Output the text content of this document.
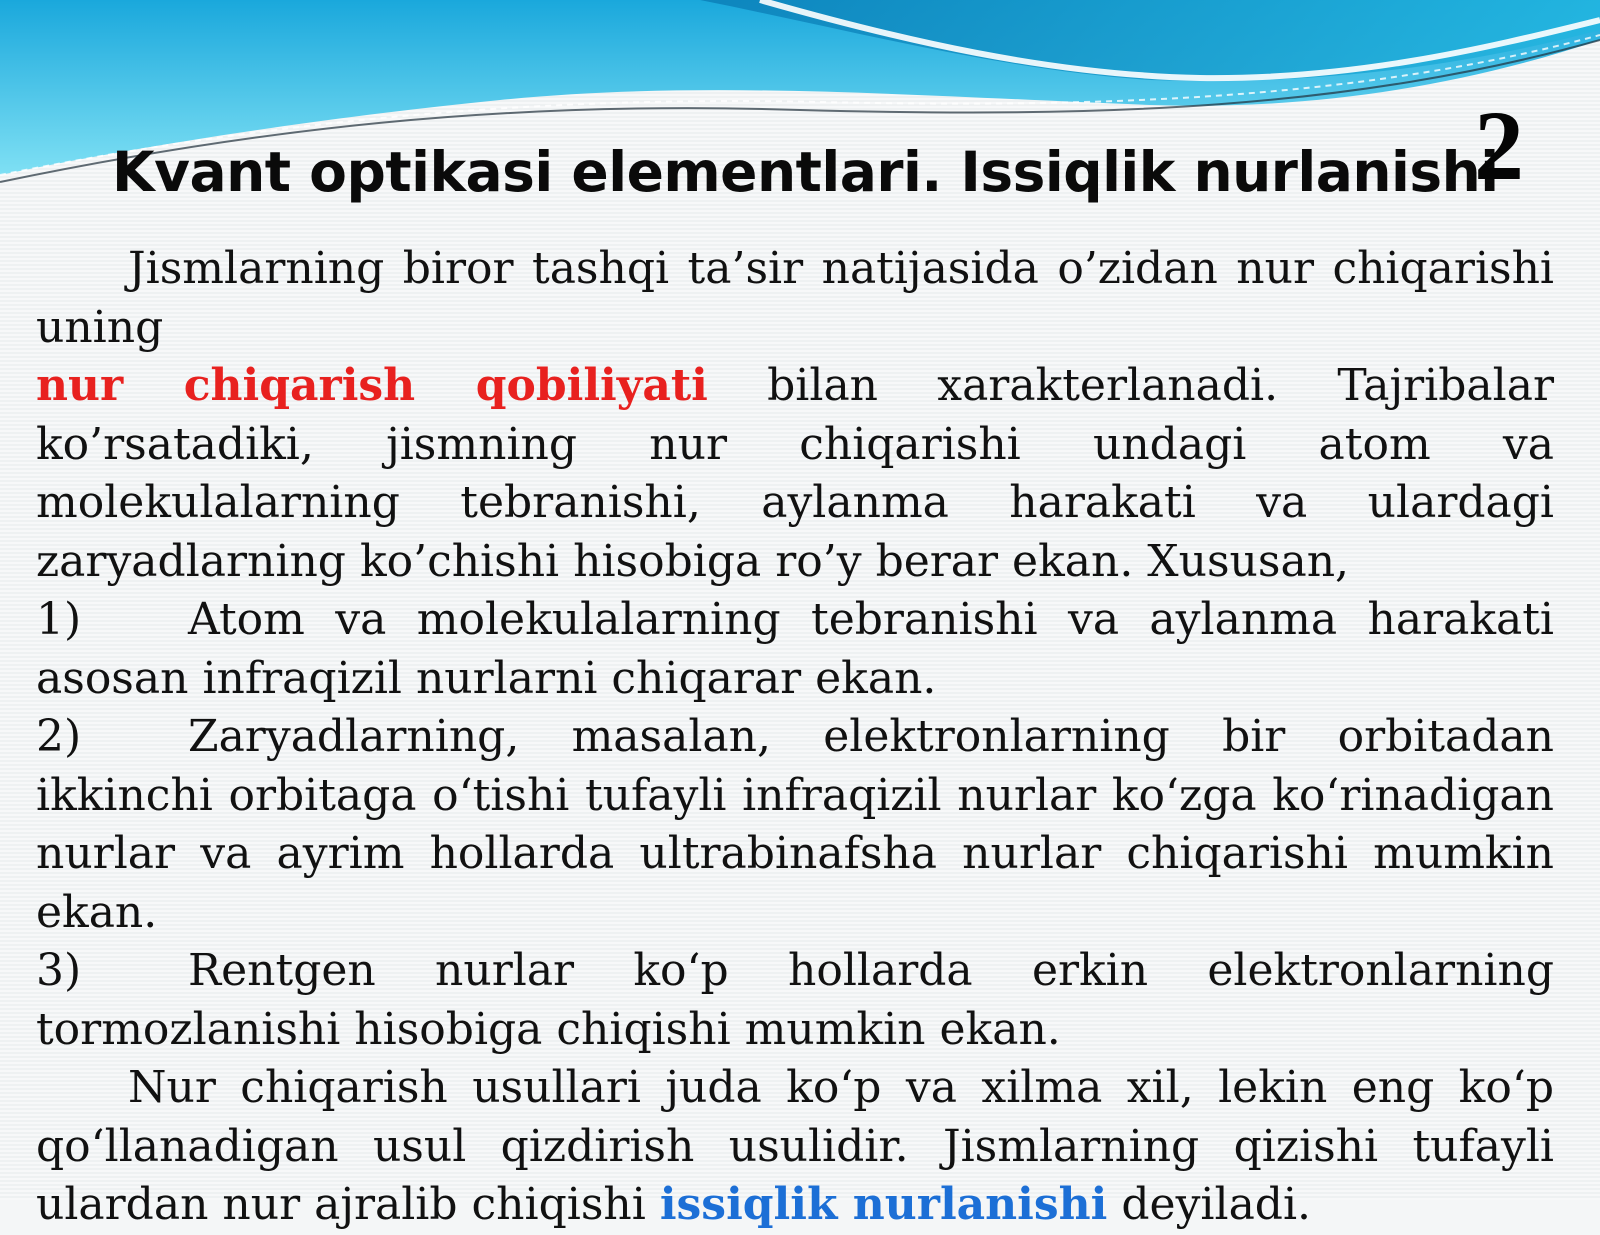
Kvant optikasi elementlari. Issiqlik nurlanishi
2

Jismlarning biror tashqi ta’sir natijasida o’zidan nur chiqarishi uning
nur chiqarish qobiliyati bilan xarakterlanadi. Tajribalar ko’rsatadiki, jismning nur chiqarishi undagi atom va molekulalarning tebranishi, aylanma harakati va ulardagi zaryadlarning ko’chishi hisobiga ro’y berar ekan. Xususan,

1) Atom va molekulalarning tebranishi va aylanma harakati asosan infraqizil nurlarni chiqarar ekan.

2) Zaryadlarning, masalan, elektronlarning bir orbitadan ikkinchi orbitaga o‘tishi tufayli infraqizil nurlar ko‘zga ko‘rinadigan nurlar va ayrim hollarda ultrabinafsha nurlar chiqarishi mumkin ekan.

3) Rentgen nurlar ko‘p hollarda erkin elektronlarning tormozlanishi hisobiga chiqishi mumkin ekan.

Nur chiqarish usullari juda ko‘p va xilma xil, lekin eng ko‘p qo‘llanadigan usul qizdirish usulidir. Jismlarning qizishi tufayli ulardan nur ajralib chiqishi issiqlik nurlanishi deyiladi.
